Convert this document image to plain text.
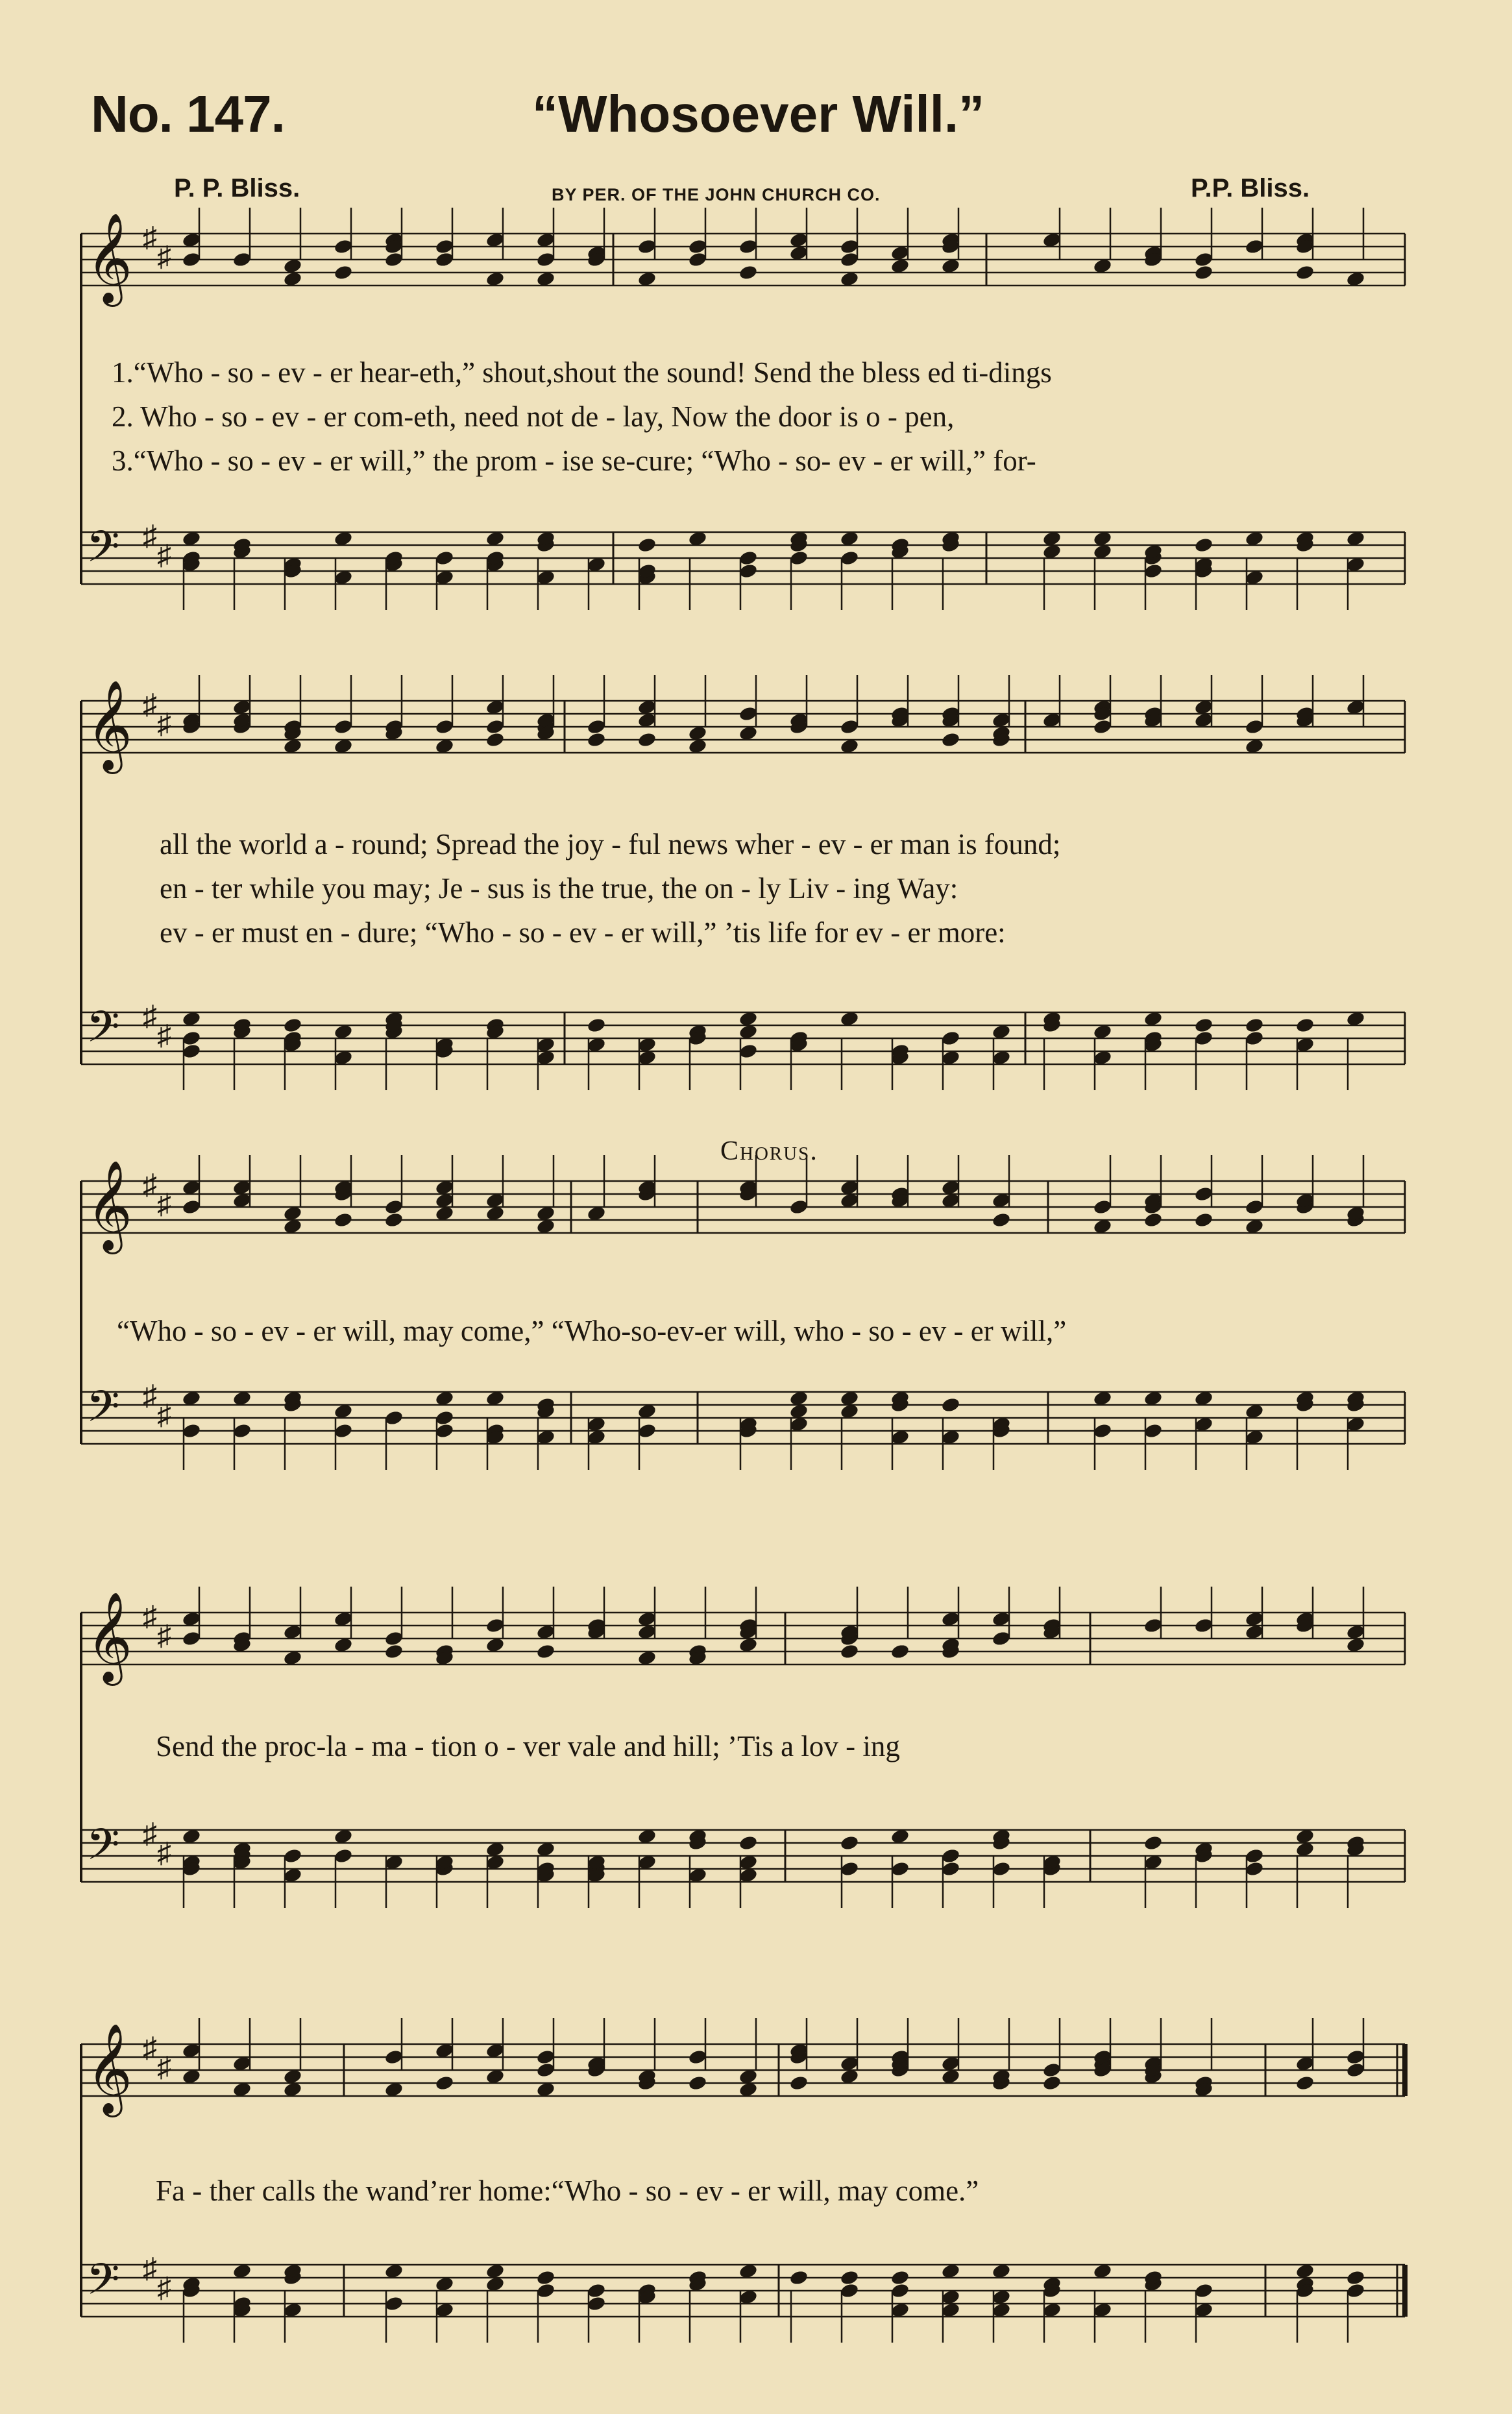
No. 147.	“Whosoever Will.”
P. P. Bliss.	BY PER. OF THE JOHN CHURCH CO.	P.P. Bliss.
𝄞 ♯
♯
𝄢 ♯
♯
𝄞 ♯
♯
𝄢 ♯
♯
𝄞 ♯
♯
𝄢 ♯
♯
𝄞 ♯
♯
𝄢 ♯
♯
𝄞 ♯
♯
𝄢 ♯
♯
1.“Who - so - ev - er hear-eth,” shout,shout the sound! Send the bless ed ti-dings
2. Who - so - ev - er com-eth, need not de - lay, Now the door is o - pen,
3.“Who - so - ev - er will,” the prom - ise se-cure; “Who - so- ev - er will,” for-
all the world a - round; Spread the joy - ful news wher - ev - er man is found;
en - ter while you may; Je - sus is the true, the on - ly Liv - ing Way:
ev - er must en - dure; “Who - so - ev - er will,” ’tis life for ev - er more:
Chorus.
“Who - so - ev - er will, may come,” “Who-so-ev-er will, who - so - ev - er will,”
Send the proc-la - ma - tion o - ver vale and hill; ’Tis a lov - ing
Fa - ther calls the wand’rer home:“Who - so - ev - er will, may come.”
